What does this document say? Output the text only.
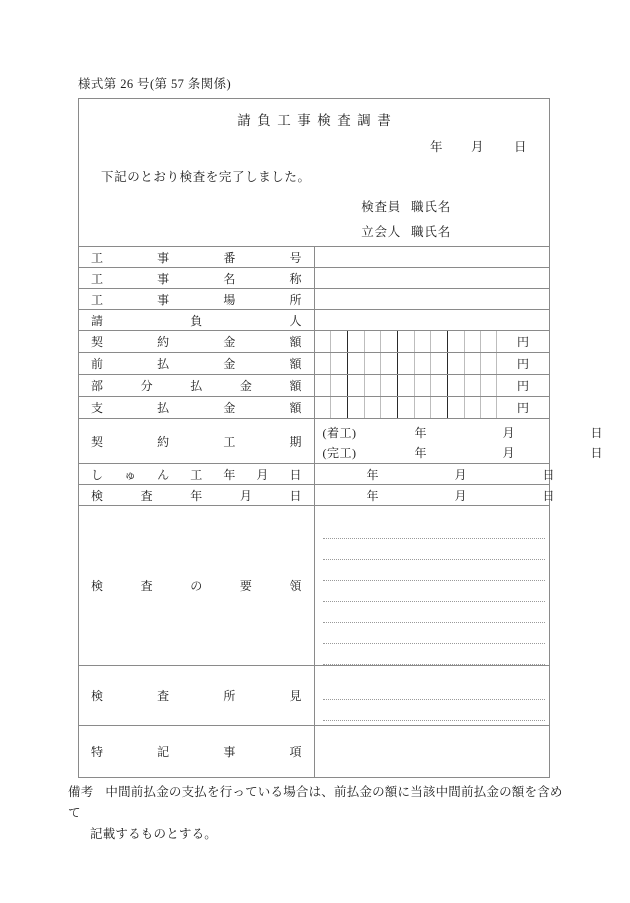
様式第 26 号(第 57 条関係)
請負工事検査調書
年 月 日
下記のとおり検査を完了しました。
検査員 職氏名
立会人 職氏名	

工事番号	

工事名称	

工事場所	

請負人	

契約金額	円

前払金額	円

部分払金額	円

支払金額	円

契約工期	(着工) 年 月 日
(完工) 年 月 日

しゅん工年月日	年 月 日

検査年月日	年 月 日

検査の要領	

検査所見	

特記事項	

備考 中間前払金の支払を行っている場合は、前払金の額に当該中間前払金の額を含めて
記載するものとする。
